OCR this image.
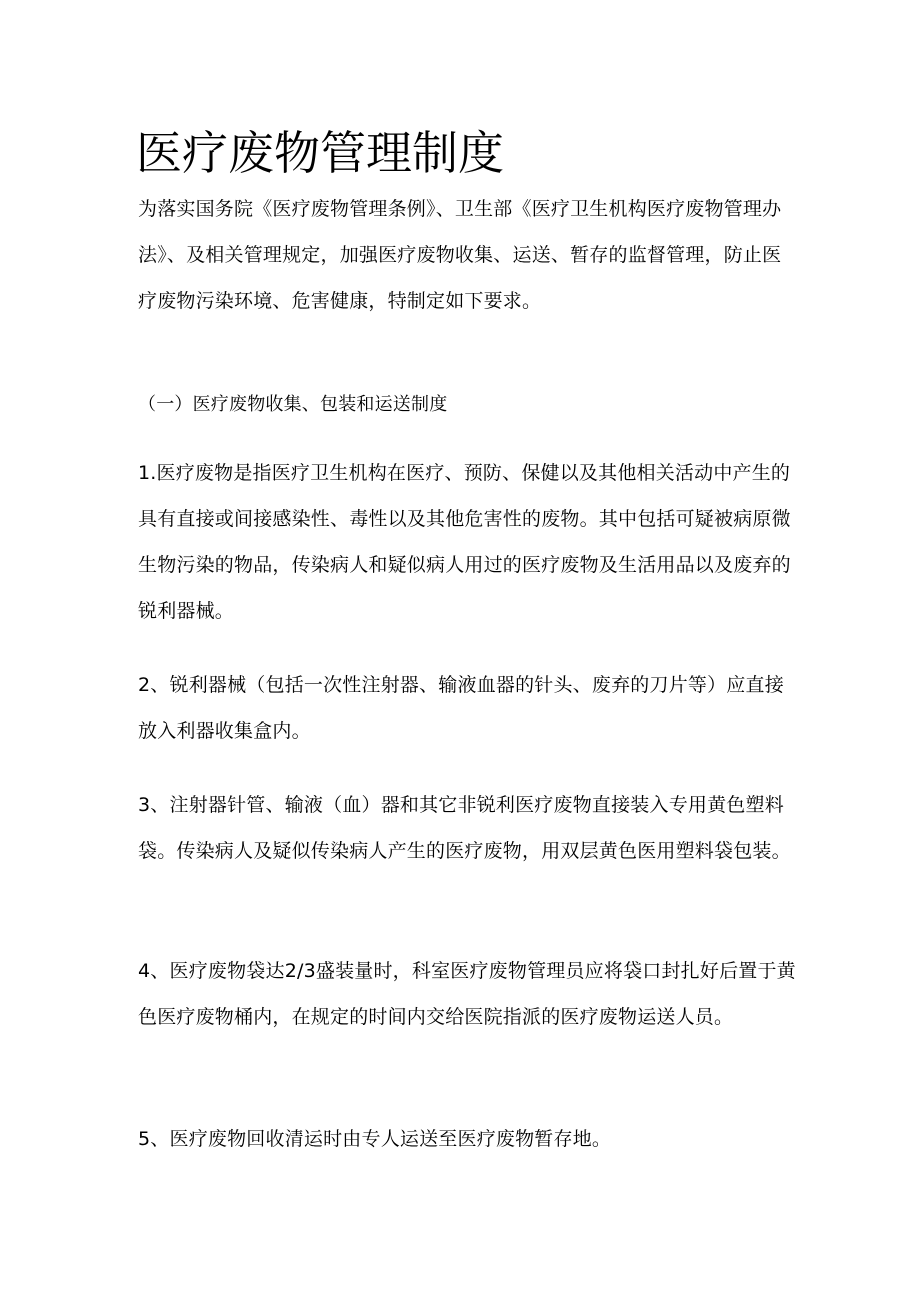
医疗废物管理制度

为落实国务院《医疗废物管理条例》、卫生部《医疗卫生机构医疗废物管理办法》、及相关管理规定，加强医疗废物收集、运送、暂存的监督管理，防止医疗废物污染环境、危害健康，特制定如下要求。

（一）医疗废物收集、包装和运送制度

1.医疗废物是指医疗卫生机构在医疗、预防、保健以及其他相关活动中产生的具有直接或间接感染性、毒性以及其他危害性的废物。其中包括可疑被病原微生物污染的物品，传染病人和疑似病人用过的医疗废物及生活用品以及废弃的锐利器械。

2、锐利器械（包括一次性注射器、输液血器的针头、废弃的刀片等）应直接放入利器收集盒内。

3、注射器针管、输液（血）器和其它非锐利医疗废物直接装入专用黄色塑料袋。传染病人及疑似传染病人产生的医疗废物，用双层黄色医用塑料袋包装。

4、医疗废物袋达2/3盛装量时，科室医疗废物管理员应将袋口封扎好后置于黄色医疗废物桶内，在规定的时间内交给医院指派的医疗废物运送人员。

5、医疗废物回收清运时由专人运送至医疗废物暂存地。
